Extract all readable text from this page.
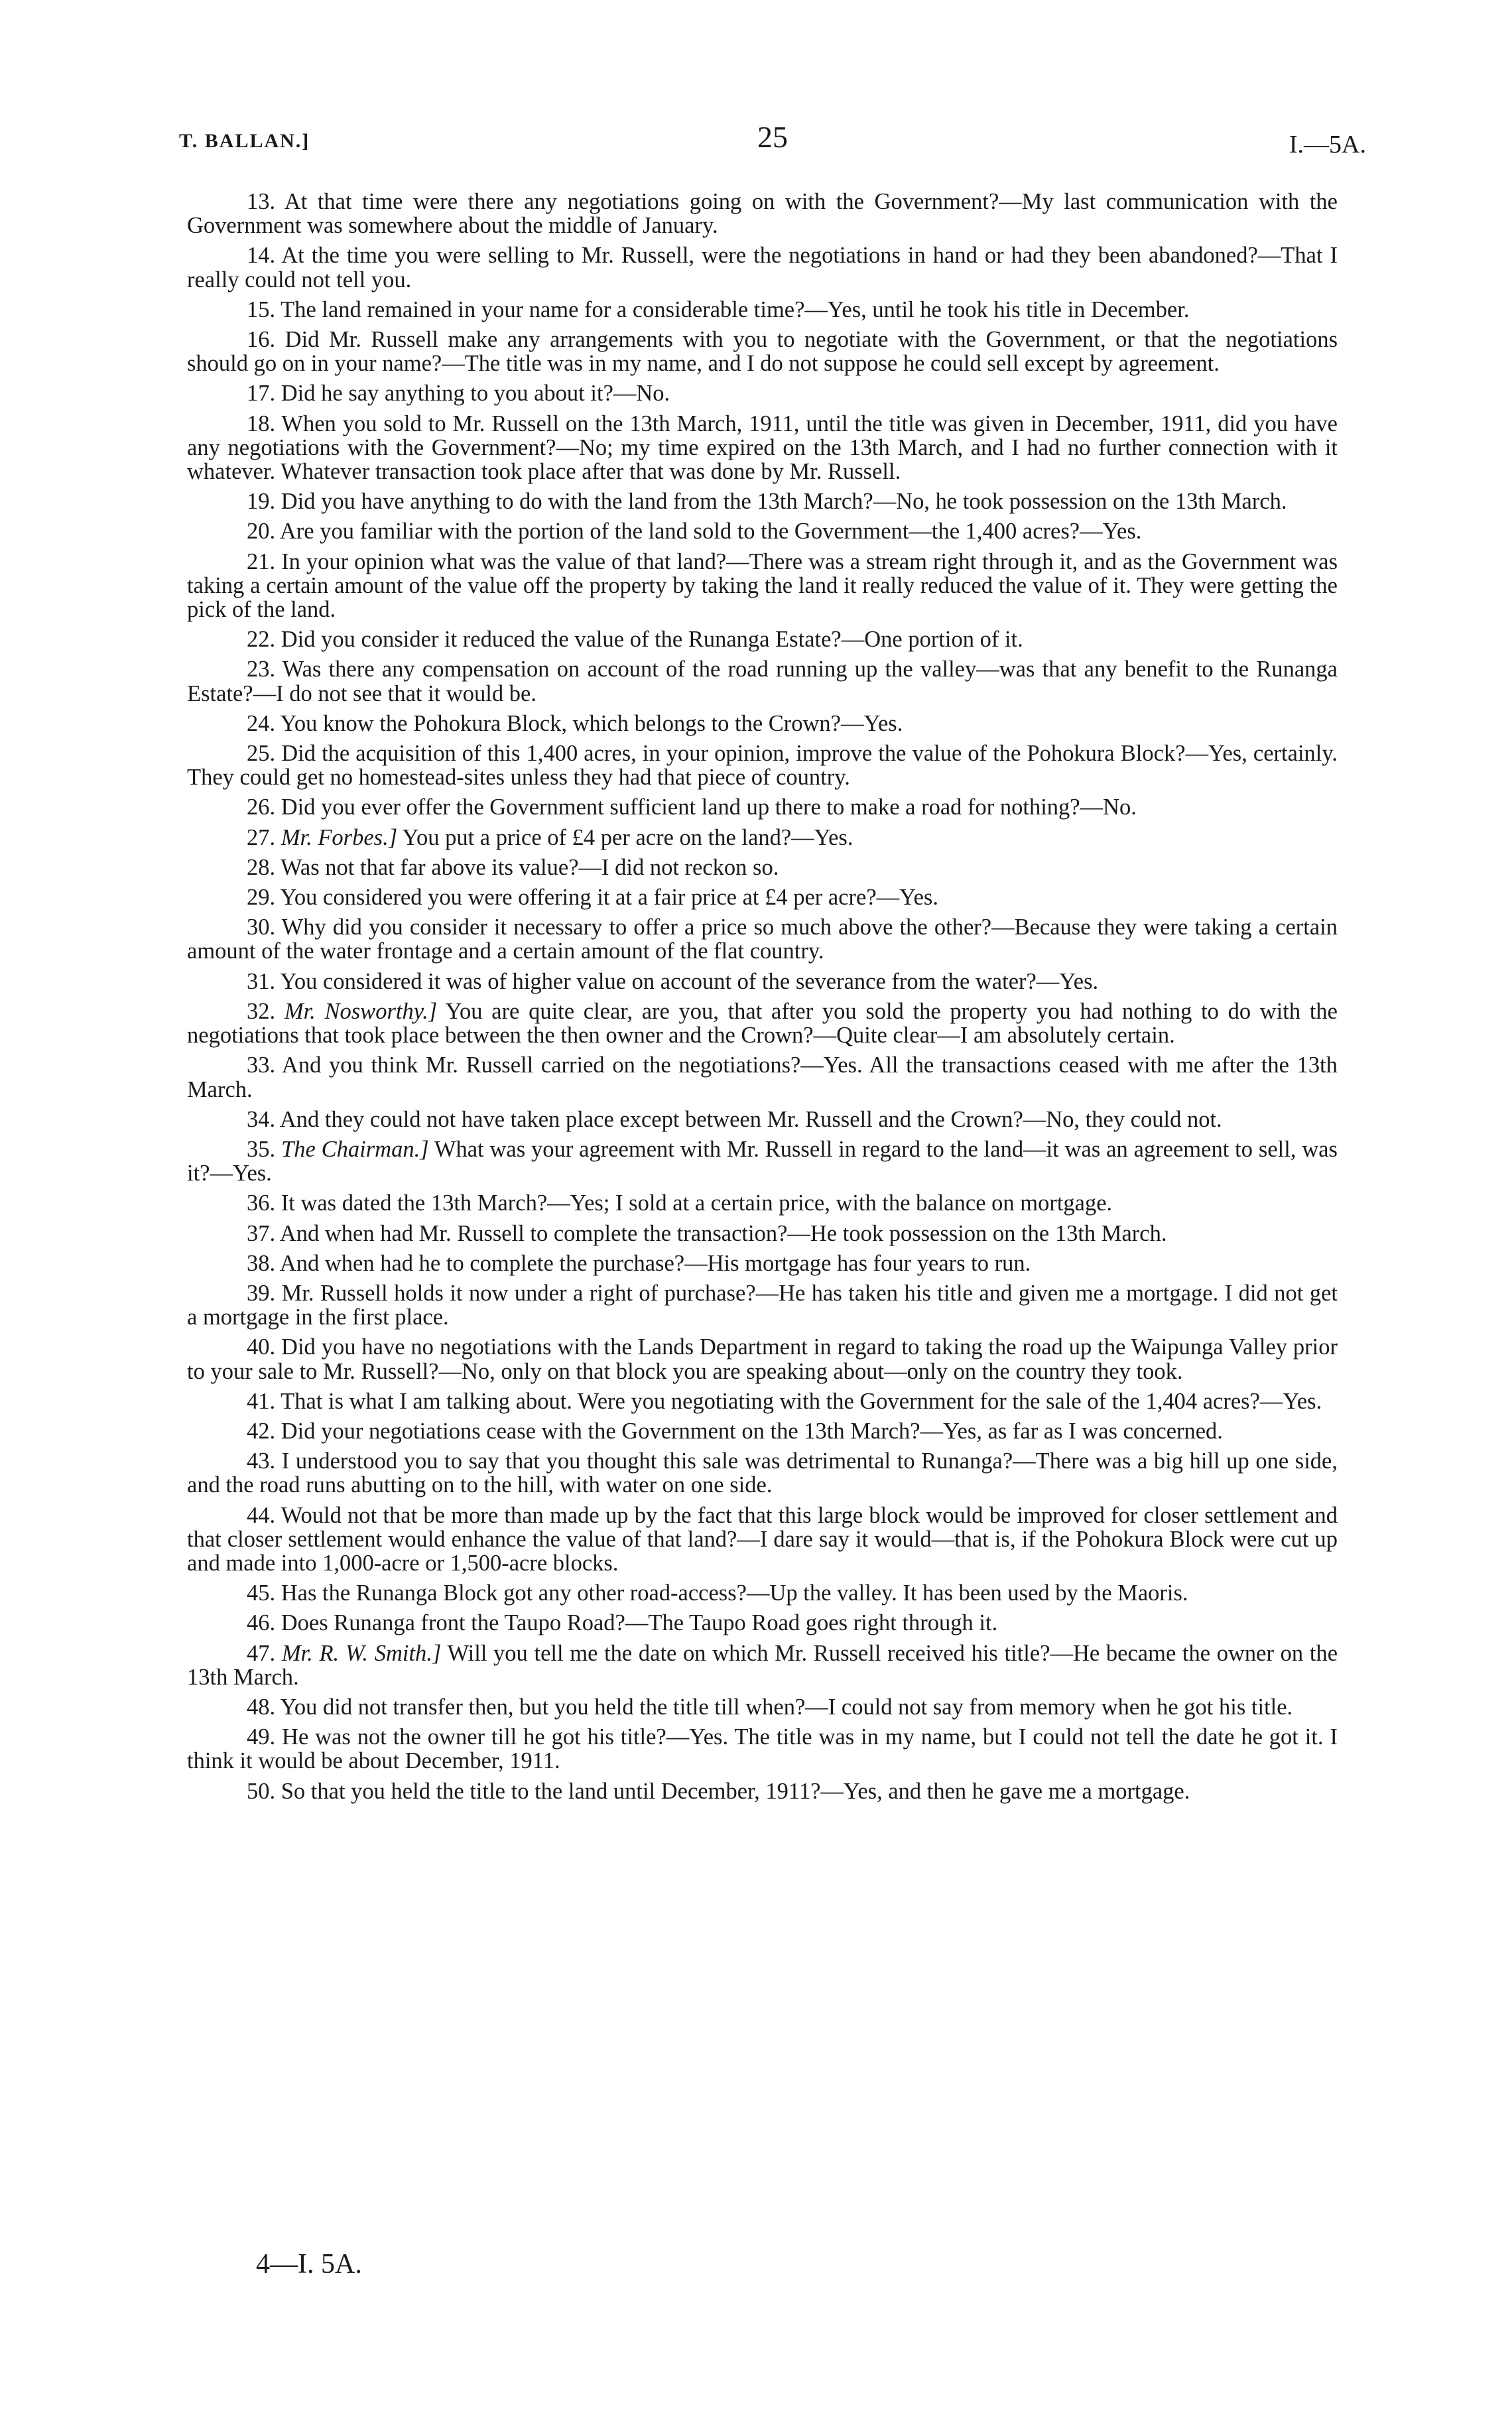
T. BALLAN.]	25	I.—5A.

13. At that time were there any negotiations going on with the Government?—My last communication with the Government was somewhere about the middle of January.

14. At the time you were selling to Mr. Russell, were the negotiations in hand or had they been abandoned?—That I really could not tell you.

15. The land remained in your name for a considerable time?—Yes, until he took his title in December.

16. Did Mr. Russell make any arrangements with you to negotiate with the Government, or that the negotiations should go on in your name?—The title was in my name, and I do not suppose he could sell except by agreement.

17. Did he say anything to you about it?—No.

18. When you sold to Mr. Russell on the 13th March, 1911, until the title was given in December, 1911, did you have any negotiations with the Government?—No; my time expired on the 13th March, and I had no further connection with it whatever. Whatever transaction took place after that was done by Mr. Russell.

19. Did you have anything to do with the land from the 13th March?—No, he took possession on the 13th March.

20. Are you familiar with the portion of the land sold to the Government—the 1,400 acres?—Yes.

21. In your opinion what was the value of that land?—There was a stream right through it, and as the Government was taking a certain amount of the value off the property by taking the land it really reduced the value of it. They were getting the pick of the land.

22. Did you consider it reduced the value of the Runanga Estate?—One portion of it.

23. Was there any compensation on account of the road running up the valley—was that any benefit to the Runanga Estate?—I do not see that it would be.

24. You know the Pohokura Block, which belongs to the Crown?—Yes.

25. Did the acquisition of this 1,400 acres, in your opinion, improve the value of the Pohokura Block?—Yes, certainly. They could get no homestead-sites unless they had that piece of country.

26. Did you ever offer the Government sufficient land up there to make a road for nothing?—No.

27. Mr. Forbes.] You put a price of £4 per acre on the land?—Yes.

28. Was not that far above its value?—I did not reckon so.

29. You considered you were offering it at a fair price at £4 per acre?—Yes.

30. Why did you consider it necessary to offer a price so much above the other?—Because they were taking a certain amount of the water frontage and a certain amount of the flat country.

31. You considered it was of higher value on account of the severance from the water?—Yes.

32. Mr. Nosworthy.] You are quite clear, are you, that after you sold the property you had nothing to do with the negotiations that took place between the then owner and the Crown?—Quite clear—I am absolutely certain.

33. And you think Mr. Russell carried on the negotiations?—Yes. All the transactions ceased with me after the 13th March.

34. And they could not have taken place except between Mr. Russell and the Crown?—No, they could not.

35. The Chairman.] What was your agreement with Mr. Russell in regard to the land—it was an agreement to sell, was it?—Yes.

36. It was dated the 13th March?—Yes; I sold at a certain price, with the balance on mortgage.

37. And when had Mr. Russell to complete the transaction?—He took possession on the 13th March.

38. And when had he to complete the purchase?—His mortgage has four years to run.

39. Mr. Russell holds it now under a right of purchase?—He has taken his title and given me a mortgage. I did not get a mortgage in the first place.

40. Did you have no negotiations with the Lands Department in regard to taking the road up the Waipunga Valley prior to your sale to Mr. Russell?—No, only on that block you are speaking about—only on the country they took.

41. That is what I am talking about. Were you negotiating with the Government for the sale of the 1,404 acres?—Yes.

42. Did your negotiations cease with the Government on the 13th March?—Yes, as far as I was concerned.

43. I understood you to say that you thought this sale was detrimental to Runanga?—There was a big hill up one side, and the road runs abutting on to the hill, with water on one side.

44. Would not that be more than made up by the fact that this large block would be improved for closer settlement and that closer settlement would enhance the value of that land?—I dare say it would—that is, if the Pohokura Block were cut up and made into 1,000-acre or 1,500-acre blocks.

45. Has the Runanga Block got any other road-access?—Up the valley. It has been used by the Maoris.

46. Does Runanga front the Taupo Road?—The Taupo Road goes right through it.

47. Mr. R. W. Smith.] Will you tell me the date on which Mr. Russell received his title?—He became the owner on the 13th March.

48. You did not transfer then, but you held the title till when?—I could not say from memory when he got his title.

49. He was not the owner till he got his title?—Yes. The title was in my name, but I could not tell the date he got it. I think it would be about December, 1911.

50. So that you held the title to the land until December, 1911?—Yes, and then he gave me a mortgage.

4—I. 5A.
